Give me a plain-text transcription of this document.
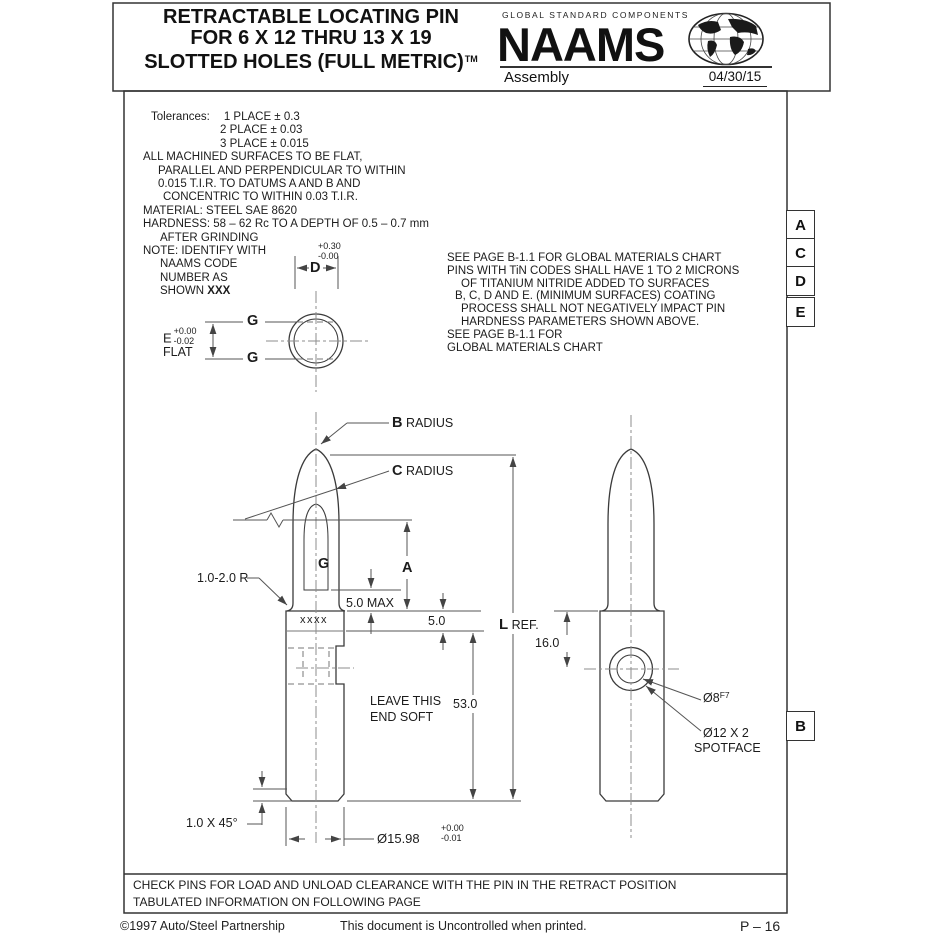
RETRACTABLE LOCATING PIN
FOR 6 X 12 THRU 13 X 19
SLOTTED HOLES (FULL METRIC)™
GLOBAL STANDARD COMPONENTS
NAAMS
Assembly	04/30/15
Tolerances: 1 PLACE ± 0.3
2 PLACE ± 0.03
3 PLACE ± 0.015
ALL MACHINED SURFACES TO BE FLAT,
PARALLEL AND PERPENDICULAR TO WITHIN
0.015 T.I.R. TO DATUMS A AND B AND
CONCENTRIC TO WITHIN 0.03 T.I.R.
MATERIAL: STEEL SAE 8620
HARDNESS: 58 – 62 Rc TO A DEPTH OF 0.5 – 0.7 mm
AFTER GRINDING
NOTE: IDENTIFY WITH
NAAMS CODE
NUMBER AS
SHOWN XXX
SEE PAGE B-1.1 FOR GLOBAL MATERIALS CHART
PINS WITH TiN CODES SHALL HAVE 1 TO 2 MICRONS
OF TITANIUM NITRIDE ADDED TO SURFACES
B, C, D AND E. (MINIMUM SURFACES) COATING
PROCESS SHALL NOT NEGATIVELY IMPACT PIN
HARDNESS PARAMETERS SHOWN ABOVE.
SEE PAGE B-1.1 FOR
GLOBAL MATERIALS CHART
A
C
D
E
B
+0.30
-0.00
D
G
G
E +0.00
-0.02
FLAT
B RADIUS
C RADIUS
G
1.0-2.0 R
xxxx
A
5.0 MAX
5.0
LEAVE THIS
END SOFT
53.0
1.0 X 45°
Ø15.98
+0.00
-0.01
L REF.
16.0
$Ø8^{F7}$
Ø12 X 2
SPOTFACE
CHECK PINS FOR LOAD AND UNLOAD CLEARANCE WITH THE PIN IN THE RETRACT POSITION
TABULATED INFORMATION ON FOLLOWING PAGE
©1997 Auto/Steel Partnership	This document is Uncontrolled when printed.	P – 16
